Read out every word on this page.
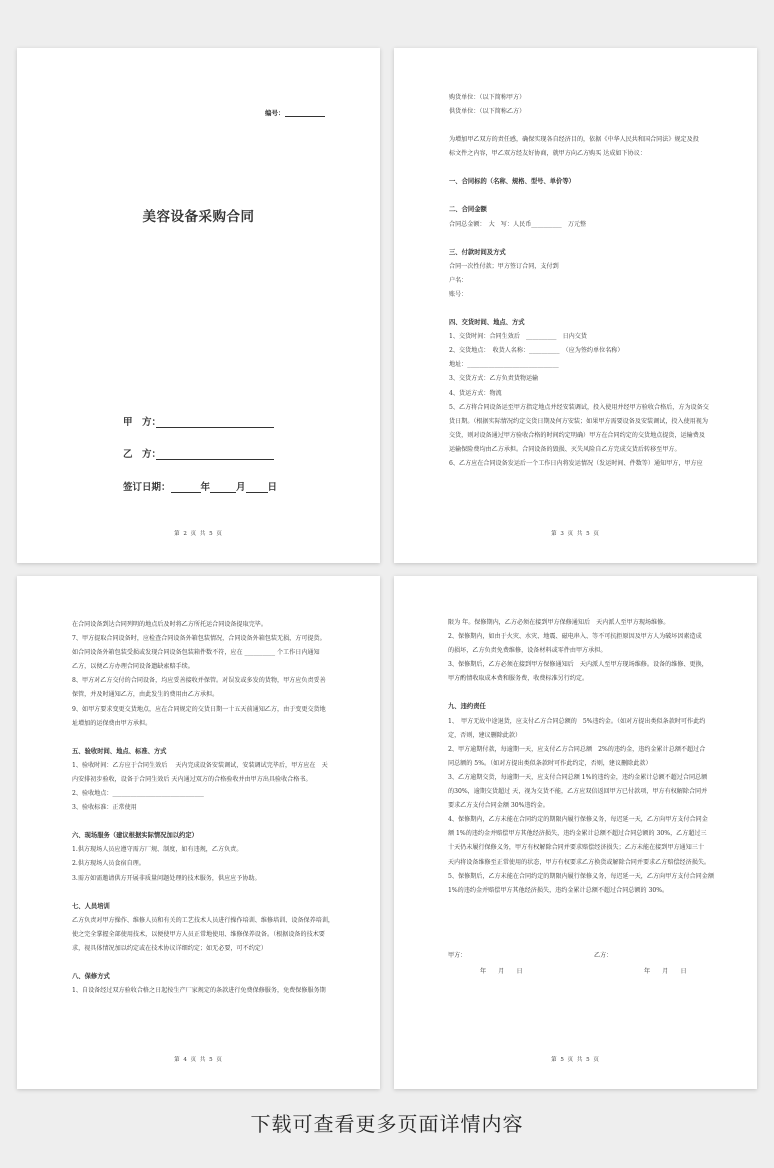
编号：
美容设备采购合同
甲　方：
乙　方：
签订日期：	年	月 日
第 2 页 共 5 页
购货单位：（以下简称甲方）
供货单位：（以下简称乙方）
为增加甲乙双方的责任感，确保实现各自经济目的，依据《中华人民共和国合同法》规定及投
标文件之内容，甲乙双方经友好协商，就甲方向乙方购买 达成如下协议：
一、合同标的（名称、规格、型号、单价等）
二、合同金额
合同总金额：　大　写：人民币__________　万元整
三、付款时间及方式
合同一次性付款；甲方签订合同，支付到
户名：
账号：
四、交货时间、地点、方式
1、交货时间：合同生效后　__________　日内交货
2、交货地点：　收货人名称：__________　（应为签约单位名称）
地址：______________________________
3、交货方式：乙方负责货物运输
4、货运方式：物流
5、乙方将合同设备运至甲方指定地点并经安装调试，投入使用并经甲方验收合格后，方为设备交
货日期。（根据实际情况约定交货日期及何方安装；如果甲方需要设备及安装调试，投入使用视为
交货，则对设备通过甲方验收合格的时间约定明确）甲方在合同约定的交货地点提货，运输费及
运输保险费均由乙方承担。合同设备的毁损、灭失风险自乙方完成交货后转移至甲方。
6、乙方应在合同设备发运后一个工作日内将发运情况（发运时间、件数等）通知甲方，甲方应
第 3 页 共 5 页
在合同设备到达合同列明的地点后及时将乙方所托运合同设备提取完毕。
7、甲方提取合同设备时，应检查合同设备外箱包装情况，合同设备外箱包装无损，方可提货。
如合同设备外箱包装受损或发现合同设备包装箱件数不符，应在 __________ 个工作日内通知
乙方，以便乙方办理合同设备遗缺索赔手续。
8、甲方对乙方交付的合同设备，均应妥善接收并保管。对误发或多发的货物，甲方应负责妥善
保管，并及时通知乙方，由此发生的费用由乙方承担。
9、如甲方要求变更交货地点，应在合同规定的交货日期一十五天前通知乙方，由于变更交货地
址增加的运保费由甲方承担。
五、验收时间、地点、标准、方式
1、验收时间：乙方应于合同生效后　 天内完成设备安装调试，安装调试完毕后，甲方应在　天
内安排初步验收，设备于合同生效后 天内通过双方的合格验收并由甲方出具验收合格书。
2、验收地点：______________________________
3、验收标准：正常使用
六、现场服务（建议根据实际情况加以约定）
1.供方现场人员应遵守需方厂规、制度，如有违规，乙方负责。
2.供方现场人员食宿自理。
3.需方如需邀请供方开展非质量问题处理的技术服务，供应应予协助。
七、人员培训
乙方负责对甲方操作、维修人员和有关的工艺技术人员进行操作培训、维修培训、设备保养培训，
使之完全掌握全部使用技术，以便使甲方人员正常地使用、维修保养设备。（根据设备的技术要
求，视具体情况加以约定或在技术协议详细约定；如无必要，可不约定）
八、保修方式
1、自设备经过双方验收合格之日起按生产厂家规定的条款进行免费保修服务，免费保修服务期
第 4 页 共 5 页
限为 年。保修期内，乙方必须在接到甲方保修通知后　天内派人至甲方现场维修。
2、保修期内，如由于火灾、水灾、地震、磁电串入、等不可抗拒原因及甲方人为破坏因素造成
的损坏，乙方负责免费维修，设备材料或零件由甲方承担。
3、保修期后，乙方必须在接到甲方保修通知后　天内派人至甲方现场维修。设备的维修、更换，
甲方酌情收取成本费和服务费，收费标准另行约定。
九、违约责任
1、　甲方无故中途退货，应支付乙方合同总额的　5%违约金。（如对方提出类似条款时可作此约
定，否则，建议删除此款）
2、甲方逾期付款，每逾期一天，应支付乙方合同总额　2%的违约金，违约金累计总额不超过合
同总额的 5%。（如对方提出类似条款时可作此约定，否则，建议删除此款）
3、乙方逾期交货，每逾期一天，应支付合同总额 1%的违约金，违约金累计总额不超过合同总额
的30%，逾期交货超过 天，视为交货不能，乙方应双倍返回甲方已付款项，甲方有权解除合同并
要求乙方支付合同金额 30%违约金。
4、保修期内，乙方未能在合同约定的期限内履行保修义务，每迟延一天，乙方向甲方支付合同金
额 1%的违约金并赔偿甲方其他经济损失，违约金累计总额不超过合同总额的 30%，乙方超过三
十天仍未履行保修义务，甲方有权解除合同并要求赔偿经济损失；乙方未能在接到甲方通知三十
天内将设备维修至正常使用的状态，甲方有权要求乙方换货或解除合同并要求乙方赔偿经济损失。
5、保修期后，乙方未能在合同约定的期限内履行保修义务，每迟延一天，乙方向甲方支付合同金额
1%的违约金并赔偿甲方其他经济损失，违约金累计总额不超过合同总额的 30%。
甲方：	乙方：
年　　月　　日	年　　月　　日
第 5 页 共 5 页
下载可查看更多页面详情内容
